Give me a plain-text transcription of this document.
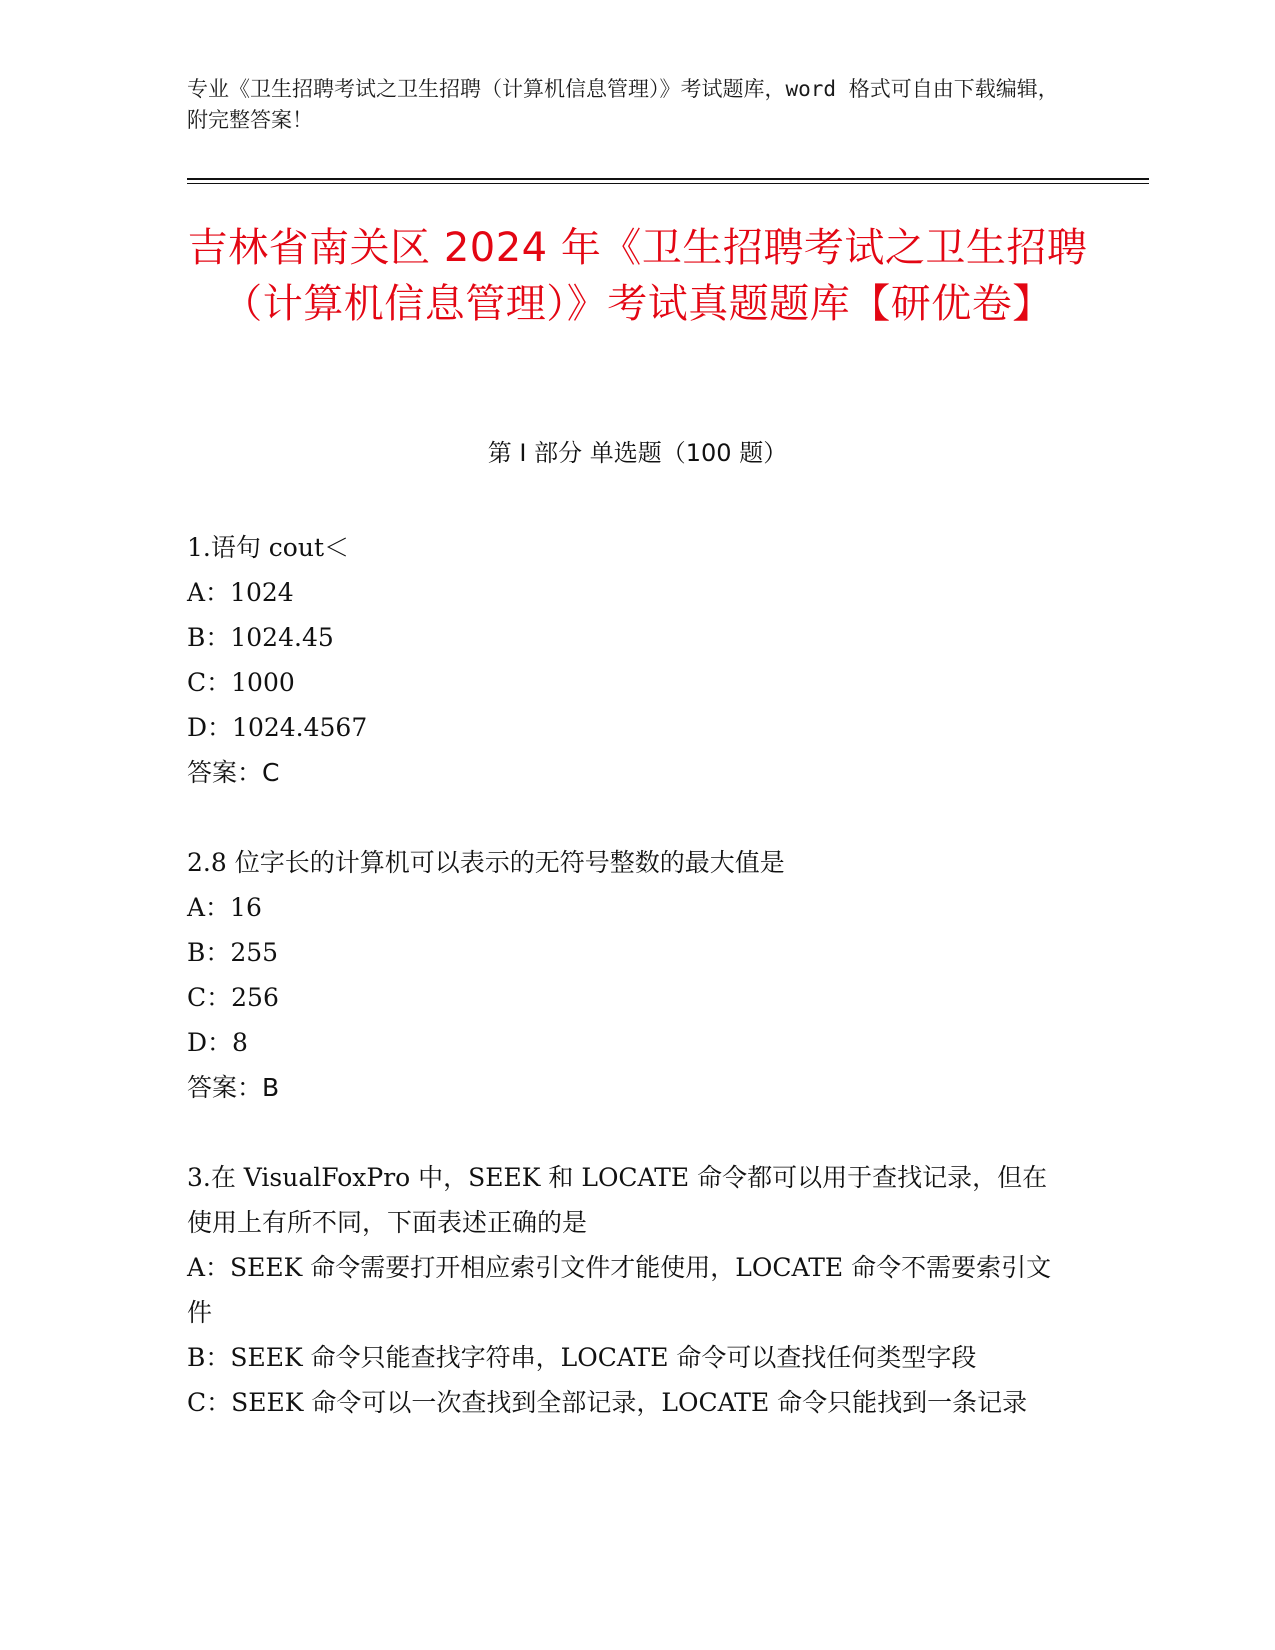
专业《卫生招聘考试之卫生招聘（计算机信息管理）》考试题库，word 格式可自由下载编辑，附完整答案！
吉林省南关区 2024 年《卫生招聘考试之卫生招聘（计算机信息管理）》考试真题题库【研优卷】
第 I 部分 单选题（100 题）
1.语句 cout＜
A：1024
B：1024.45
C：1000
D：1024.4567
答案：C
2.8 位字长的计算机可以表示的无符号整数的最大值是
A：16
B：255
C：256
D：8
答案：B
3.在 VisualFoxPro 中，SEEK 和 LOCATE 命令都可以用于查找记录，但在使用上有所不同，下面表述正确的是
A：SEEK 命令需要打开相应索引文件才能使用，LOCATE 命令不需要索引文件
B：SEEK 命令只能查找字符串，LOCATE 命令可以查找任何类型字段
C：SEEK 命令可以一次查找到全部记录，LOCATE 命令只能找到一条记录
